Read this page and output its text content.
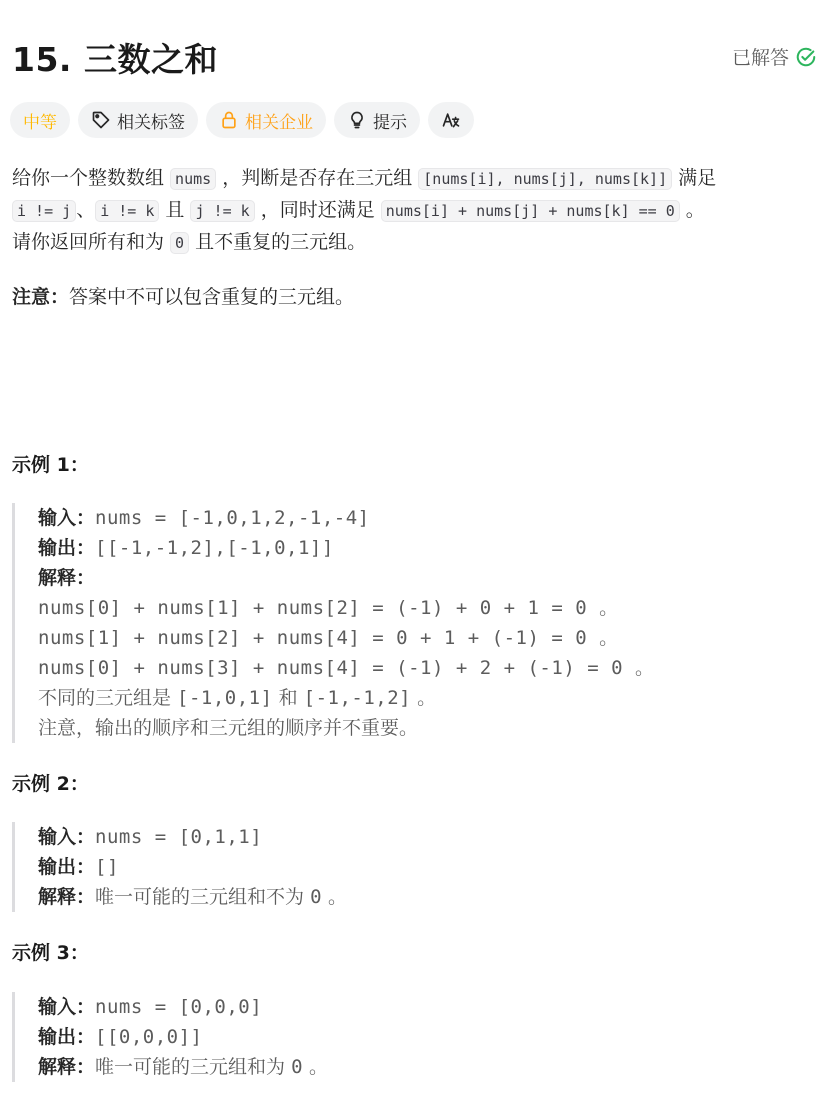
15. 三数之和	已解答
中等	相关标签	相关企业	提示

给你一个整数数组 nums ，判断是否存在三元组 [nums[i], nums[j], nums[k]] 满足
i != j 、 i != k 且 j != k ，同时还满足 nums[i] + nums[j] + nums[k] == 0 。
请你返回所有和为 0 且不重复的三元组。

注意：答案中不可以包含重复的三元组。
示例 1：
输入：nums = [-1,0,1,2,-1,-4]
输出：[[-1,-1,2],[-1,0,1]]
解释：
nums[0] + nums[1] + nums[2] = (-1) + 0 + 1 = 0 。
nums[1] + nums[2] + nums[4] = 0 + 1 + (-1) = 0 。
nums[0] + nums[3] + nums[4] = (-1) + 2 + (-1) = 0 。
不同的三元组是 [-1,0,1] 和 [-1,-1,2] 。
注意，输出的顺序和三元组的顺序并不重要。
示例 2：
输入：nums = [0,1,1]
输出：[]
解释：唯一可能的三元组和不为 0 。
示例 3：
输入：nums = [0,0,0]
输出：[[0,0,0]]
解释：唯一可能的三元组和为 0 。
